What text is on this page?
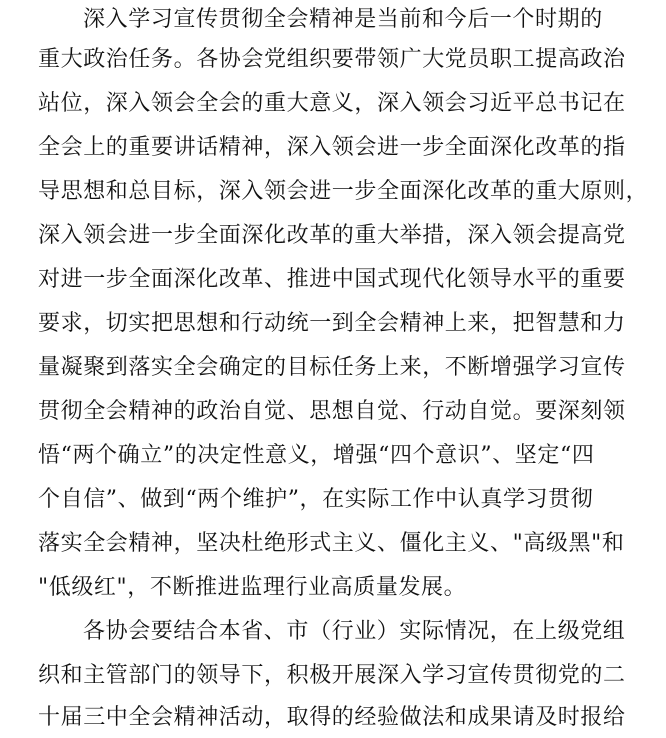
深入学习宣传贯彻全会精神是当前和今后一个时期的
重大政治任务。各协会党组织要带领广大党员职工提高政治
站位，深入领会全会的重大意义，深入领会习近平总书记在
全会上的重要讲话精神，深入领会进一步全面深化改革的指
导思想和总目标，深入领会进一步全面深化改革的重大原则，
深入领会进一步全面深化改革的重大举措，深入领会提高党
对进一步全面深化改革、推进中国式现代化领导水平的重要
要求，切实把思想和行动统一到全会精神上来，把智慧和力
量凝聚到落实全会确定的目标任务上来，不断增强学习宣传
贯彻全会精神的政治自觉、思想自觉、行动自觉。要深刻领
悟“两个确立”的决定性意义，增强“四个意识”、坚定“四
个自信”、做到“两个维护”，在实际工作中认真学习贯彻
落实全会精神，坚决杜绝形式主义、僵化主义、"高级黑"和
"低级红"，不断推进监理行业高质量发展。
各协会要结合本省、市（行业）实际情况，在上级党组
织和主管部门的领导下，积极开展深入学习宣传贯彻党的二
十届三中全会精神活动，取得的经验做法和成果请及时报给
